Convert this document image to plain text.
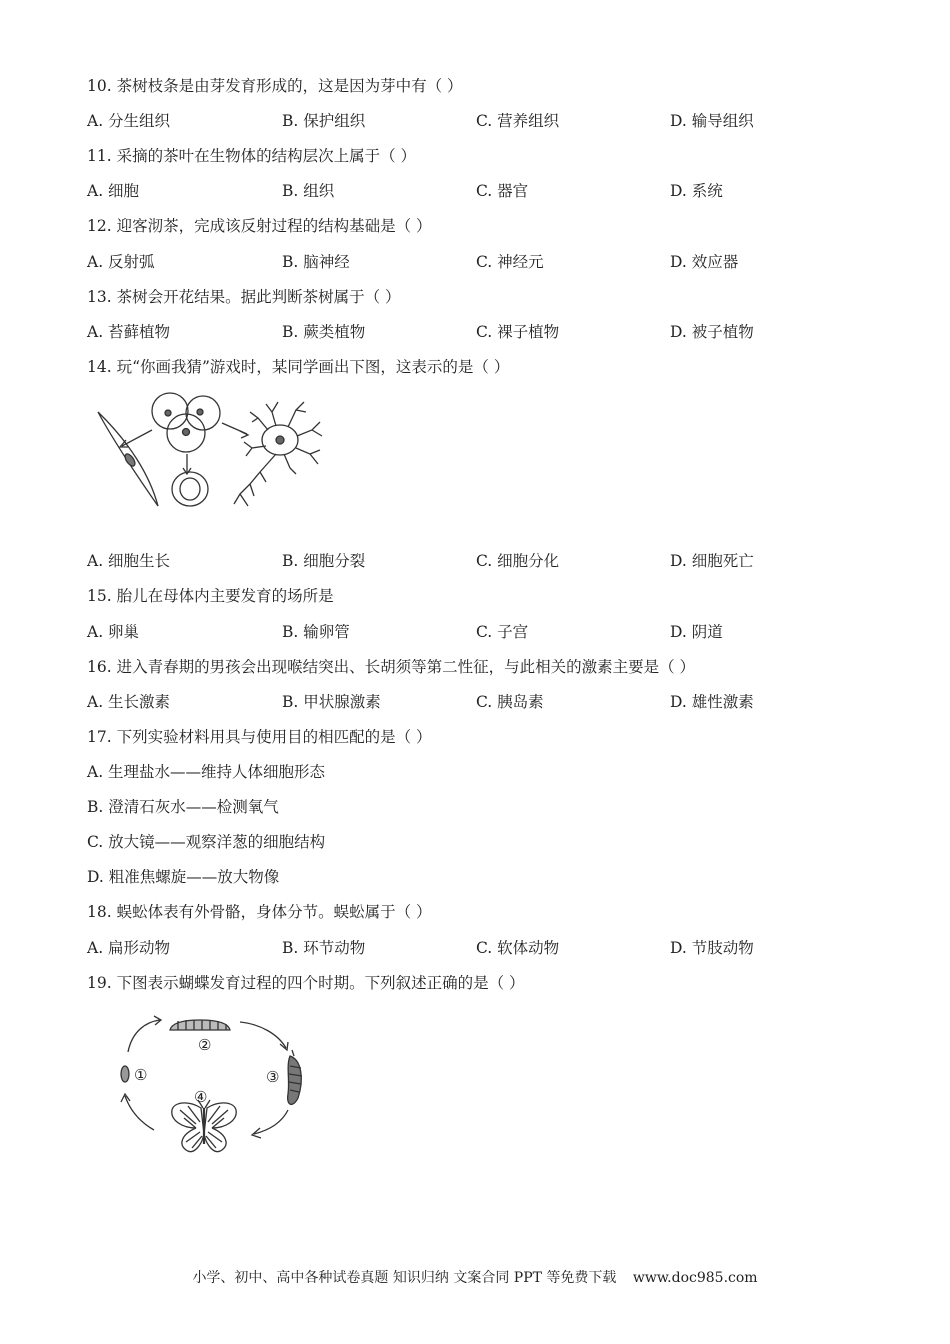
10. 茶树枝条是由芽发育形成的，这是因为芽中有（ ）
A. 分生组织	B. 保护组织	C. 营养组织	D. 输导组织
11. 采摘的茶叶在生物体的结构层次上属于（ ）
A. 细胞	B. 组织	C. 器官	D. 系统
12. 迎客沏茶，完成该反射过程的结构基础是（ ）
A. 反射弧	B. 脑神经	C. 神经元	D. 效应器
13. 茶树会开花结果。据此判断茶树属于（ ）
A. 苔藓植物	B. 蕨类植物	C. 裸子植物	D. 被子植物
14. 玩“你画我猜”游戏时，某同学画出下图，这表示的是（ ）
A. 细胞生长	B. 细胞分裂	C. 细胞分化	D. 细胞死亡
15. 胎儿在母体内主要发育的场所是
A. 卵巢	B. 输卵管	C. 子宫	D. 阴道
16. 进入青春期的男孩会出现喉结突出、长胡须等第二性征，与此相关的激素主要是（ ）
A. 生长激素	B. 甲状腺激素	C. 胰岛素	D. 雄性激素
17. 下列实验材料用具与使用目的相匹配的是（ ）
A. 生理盐水——维持人体细胞形态
B. 澄清石灰水——检测氧气
C. 放大镜——观察洋葱的细胞结构
D. 粗准焦螺旋——放大物像
18. 蜈蚣体表有外骨骼，身体分节。蜈蚣属于（ ）
A. 扁形动物	B. 环节动物	C. 软体动物	D. 节肢动物
19. 下图表示蝴蝶发育过程的四个时期。下列叙述正确的是（ ）
①
②
③
④
小学、初中、高中各种试卷真题 知识归纳 文案合同 PPT 等免费下载 www.doc985.com
